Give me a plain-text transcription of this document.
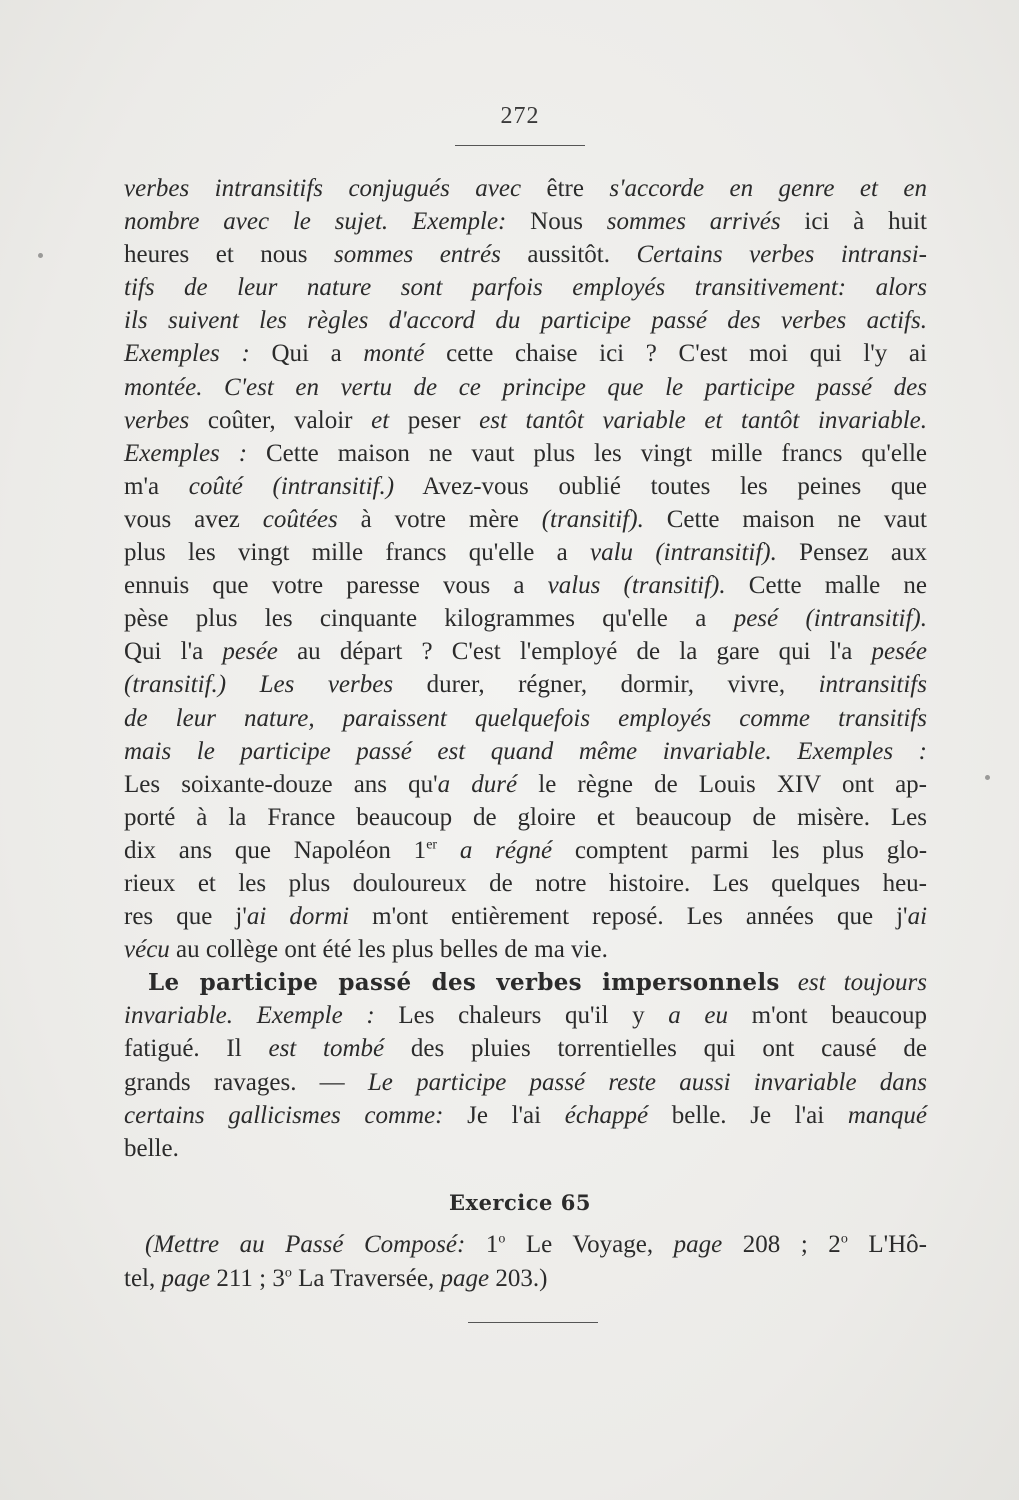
272
verbes intransitifs conjugués avec être s'accorde en genre et en
nombre avec le sujet. Exemple: Nous sommes arrivés ici à huit
heures et nous sommes entrés aussitôt. Certains verbes intransi-
tifs de leur nature sont parfois employés transitivement: alors
ils suivent les règles d'accord du participe passé des verbes actifs.
Exemples : Qui a monté cette chaise ici ? C'est moi qui l'y ai
montée. C'est en vertu de ce principe que le participe passé des
verbes coûter, valoir et peser est tantôt variable et tantôt invariable.
Exemples : Cette maison ne vaut plus les vingt mille francs qu'elle
m'a coûté (intransitif.) Avez-vous oublié toutes les peines que
vous avez coûtées à votre mère (transitif). Cette maison ne vaut
plus les vingt mille francs qu'elle a valu (intransitif). Pensez aux
ennuis que votre paresse vous a valus (transitif). Cette malle ne
pèse plus les cinquante kilogrammes qu'elle a pesé (intransitif).
Qui l'a pesée au départ ? C'est l'employé de la gare qui l'a pesée
(transitif.) Les verbes durer, régner, dormir, vivre, intransitifs
de leur nature, paraissent quelquefois employés comme transitifs
mais le participe passé est quand même invariable. Exemples :
Les soixante-douze ans qu'a duré le règne de Louis XIV ont ap-
porté à la France beaucoup de gloire et beaucoup de misère. Les
dix ans que Napoléon 1er a régné comptent parmi les plus glo-
rieux et les plus douloureux de notre histoire. Les quelques heu-
res que j'ai dormi m'ont entièrement reposé. Les années que j'ai
vécu au collège ont été les plus belles de ma vie.
Le participe passé des verbes impersonnels est toujours
invariable. Exemple : Les chaleurs qu'il y a eu m'ont beaucoup
fatigué. Il est tombé des pluies torrentielles qui ont causé de
grands ravages. — Le participe passé reste aussi invariable dans
certains gallicismes comme: Je l'ai échappé belle. Je l'ai manqué
belle.
Exercice 65
(Mettre au Passé Composé: 1$^o$ Le Voyage, page 208 ; 2$^o$ L'Hô-
tel, page 211 ; 3$^o$ La Traversée, page 203.)
